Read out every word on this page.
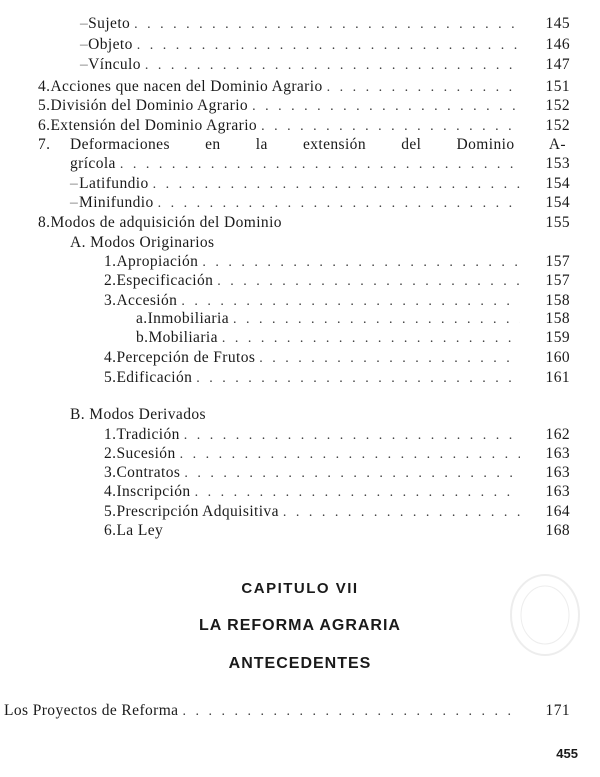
– Sujeto . . .	145
– Objeto . . .	146
– Vínculo . . .	147
4. Acciones que nacen del Dominio Agrario . . .	151
5. División del Dominio Agrario . . .	152
6. Extensión del Dominio Agrario . . .	152
7. Deformaciones en la extensión del Dominio A-
grícola . . .	153
– Latifundio . . .	154
– Minifundio . . .	154
8. Modos de adquisición del Dominio	155
A. Modos Originarios
1. Apropiación . . .	157
2. Especificación . . .	157
3. Accesión . . .	158
a. Inmobiliaria . . .	158
b. Mobiliaria . . .	159
4. Percepción de Frutos . . .	160
5. Edificación . . .	161
B. Modos Derivados
1. Tradición . . .	162
2. Sucesión . . .	163
3. Contratos . . .	163
4. Inscripción . . .	163
5. Prescripción Adquisitiva . . .	164
6. La Ley	168
CAPITULO VII
LA REFORMA AGRARIA
ANTECEDENTES
Los Proyectos de Reforma . . .	171
455
